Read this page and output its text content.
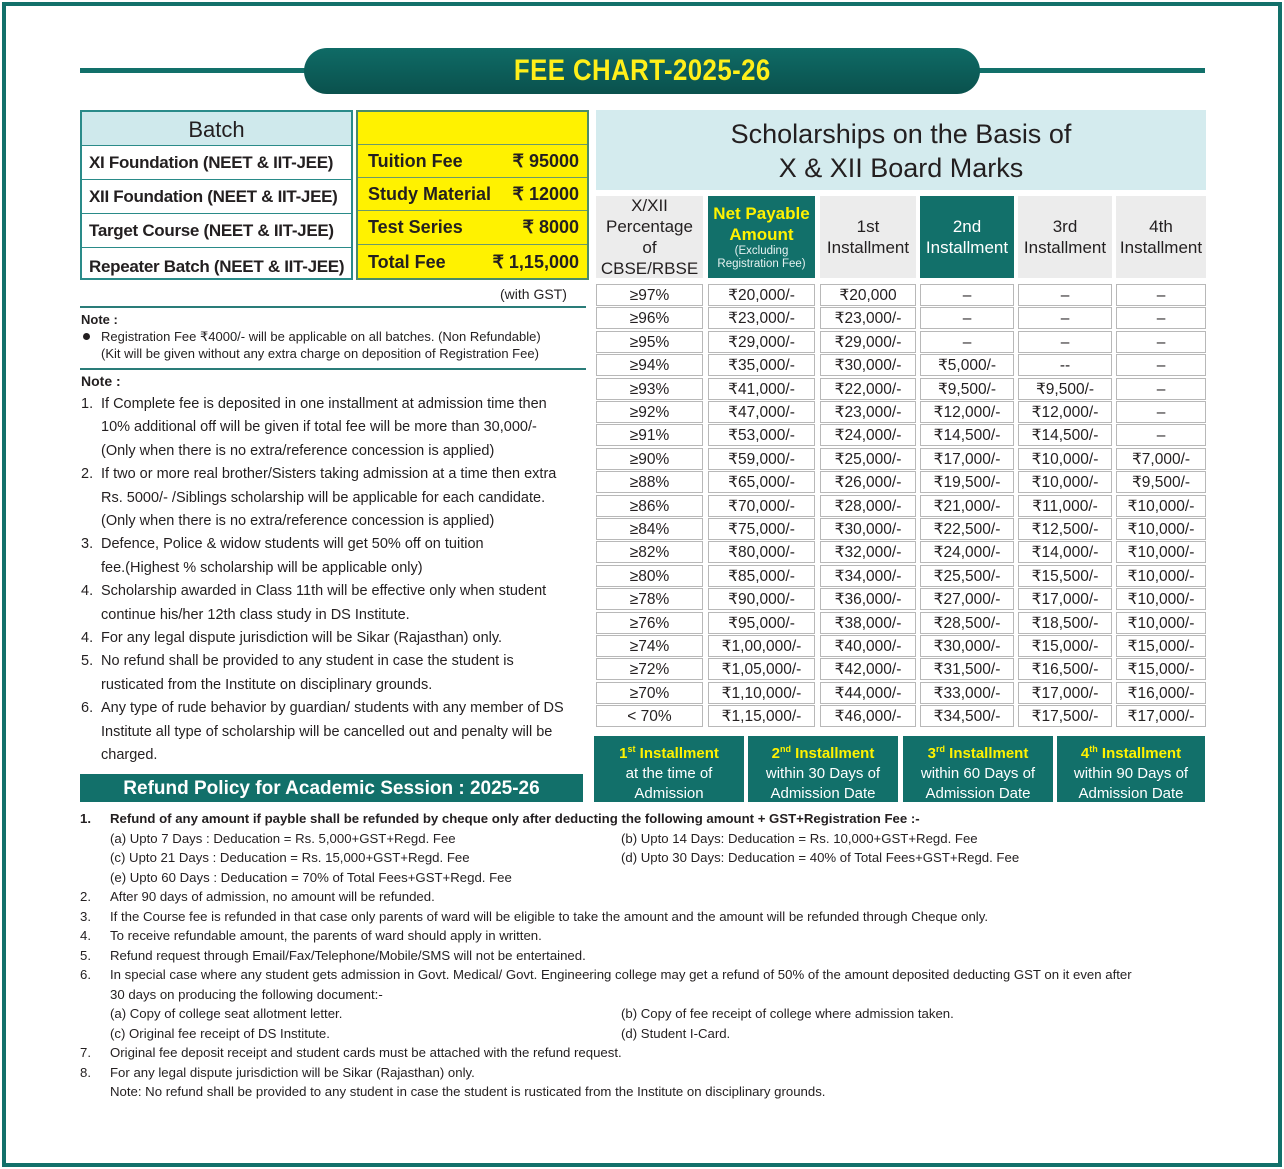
FEE CHART-2025-26
Batch
XI Foundation (NEET & IIT-JEE)
XII Foundation (NEET & IIT-JEE)
Target Course (NEET & IIT-JEE)
Repeater Batch (NEET & IIT-JEE)
Tuition Fee	₹ 95000
Study Material ₹ 12000
Test Series	₹ 8000
Total Fee	₹ 1,15,000
(with GST)
Note :
Registration Fee ₹4000/- will be applicable on all batches. (Non Refundable)
(Kit will be given without any extra charge on deposition of Registration Fee)
Note :
1. If Complete fee is deposited in one installment at admission time then
10% additional off will be given if total fee will be more than 30,000/-
(Only when there is no extra/reference concession is applied)
2. If two or more real brother/Sisters taking admission at a time then extra
Rs. 5000/- /Siblings scholarship will be applicable for each candidate.
(Only when there is no extra/reference concession is applied)
3. Defence, Police & widow students will get 50% off on tuition
fee.(Highest % scholarship will be applicable only)
4. Scholarship awarded in Class 11th will be effective only when student
continue his/her 12th class study in DS Institute.
4. For any legal dispute jurisdiction will be Sikar (Rajasthan) only.
5. No refund shall be provided to any student in case the student is
rusticated from the Institute on disciplinary grounds.
6. Any type of rude behavior by guardian/ students with any member of DS
Institute all type of scholarship will be cancelled out and penalty will be
charged.
Refund Policy for Academic Session : 2025-26
Scholarships on the Basis of
X & XII Board Marks
X/XII
Percentage
of
CBSE/RBSE
Net Payable
Amount
(Excluding
Registration Fee)
1st
Installment
2nd
Installment
3rd
Installment
4th
Installment
≥97%	₹20,000/-	₹20,000	–	–	–
≥96%	₹23,000/-	₹23,000/-	–	–	–
≥95%	₹29,000/-	₹29,000/-	–	–	–
≥94%	₹35,000/-	₹30,000/-	₹5,000/-	--	–
≥93%	₹41,000/-	₹22,000/-	₹9,500/-	₹9,500/-	–
≥92%	₹47,000/-	₹23,000/-	₹12,000/-	₹12,000/-	–
≥91%	₹53,000/-	₹24,000/-	₹14,500/-	₹14,500/-	–
≥90%	₹59,000/-	₹25,000/-	₹17,000/-	₹10,000/-	₹7,000/-
≥88%	₹65,000/-	₹26,000/-	₹19,500/-	₹10,000/-	₹9,500/-
≥86%	₹70,000/-	₹28,000/-	₹21,000/-	₹11,000/-	₹10,000/-
≥84%	₹75,000/-	₹30,000/-	₹22,500/-	₹12,500/-	₹10,000/-
≥82%	₹80,000/-	₹32,000/-	₹24,000/-	₹14,000/-	₹10,000/-
≥80%	₹85,000/-	₹34,000/-	₹25,500/-	₹15,500/-	₹10,000/-
≥78%	₹90,000/-	₹36,000/-	₹27,000/-	₹17,000/-	₹10,000/-
≥76%	₹95,000/-	₹38,000/-	₹28,500/-	₹18,500/-	₹10,000/-
≥74%	₹1,00,000/-	₹40,000/-	₹30,000/-	₹15,000/-	₹15,000/-
≥72%	₹1,05,000/-	₹42,000/-	₹31,500/-	₹16,500/-	₹15,000/-
≥70%	₹1,10,000/-	₹44,000/-	₹33,000/-	₹17,000/-	₹16,000/-
< 70%	₹1,15,000/-	₹46,000/-	₹34,500/-	₹17,500/-	₹17,000/-
1st Installment
at the time of
Admission
2nd Installment
within 30 Days of
Admission Date
3rd Installment
within 60 Days of
Admission Date
4th Installment
within 90 Days of
Admission Date
1. Refund of any amount if payble shall be refunded by cheque only after deducting the following amount + GST+Registration Fee :-
(a) Upto 7 Days : Deducation = Rs. 5,000+GST+Regd. Fee	(b) Upto 14 Days: Deducation = Rs. 10,000+GST+Regd. Fee
(c) Upto 21 Days : Deducation = Rs. 15,000+GST+Regd. Fee	(d) Upto 30 Days: Deducation = 40% of Total Fees+GST+Regd. Fee
(e) Upto 60 Days : Deducation = 70% of Total Fees+GST+Regd. Fee
2. After 90 days of admission, no amount will be refunded.
3. If the Course fee is refunded in that case only parents of ward will be eligible to take the amount and the amount will be refunded through Cheque only.
4. To receive refundable amount, the parents of ward should apply in written.
5. Refund request through Email/Fax/Telephone/Mobile/SMS will not be entertained.
6. In special case where any student gets admission in Govt. Medical/ Govt. Engineering college may get a refund of 50% of the amount deposited deducting GST on it even after
30 days on producing the following document:-
(a) Copy of college seat allotment letter.	(b) Copy of fee receipt of college where admission taken.
(c) Original fee receipt of DS Institute.	(d) Student I-Card.
7. Original fee deposit receipt and student cards must be attached with the refund request.
8. For any legal dispute jurisdiction will be Sikar (Rajasthan) only.
Note: No refund shall be provided to any student in case the student is rusticated from the Institute on disciplinary grounds.
